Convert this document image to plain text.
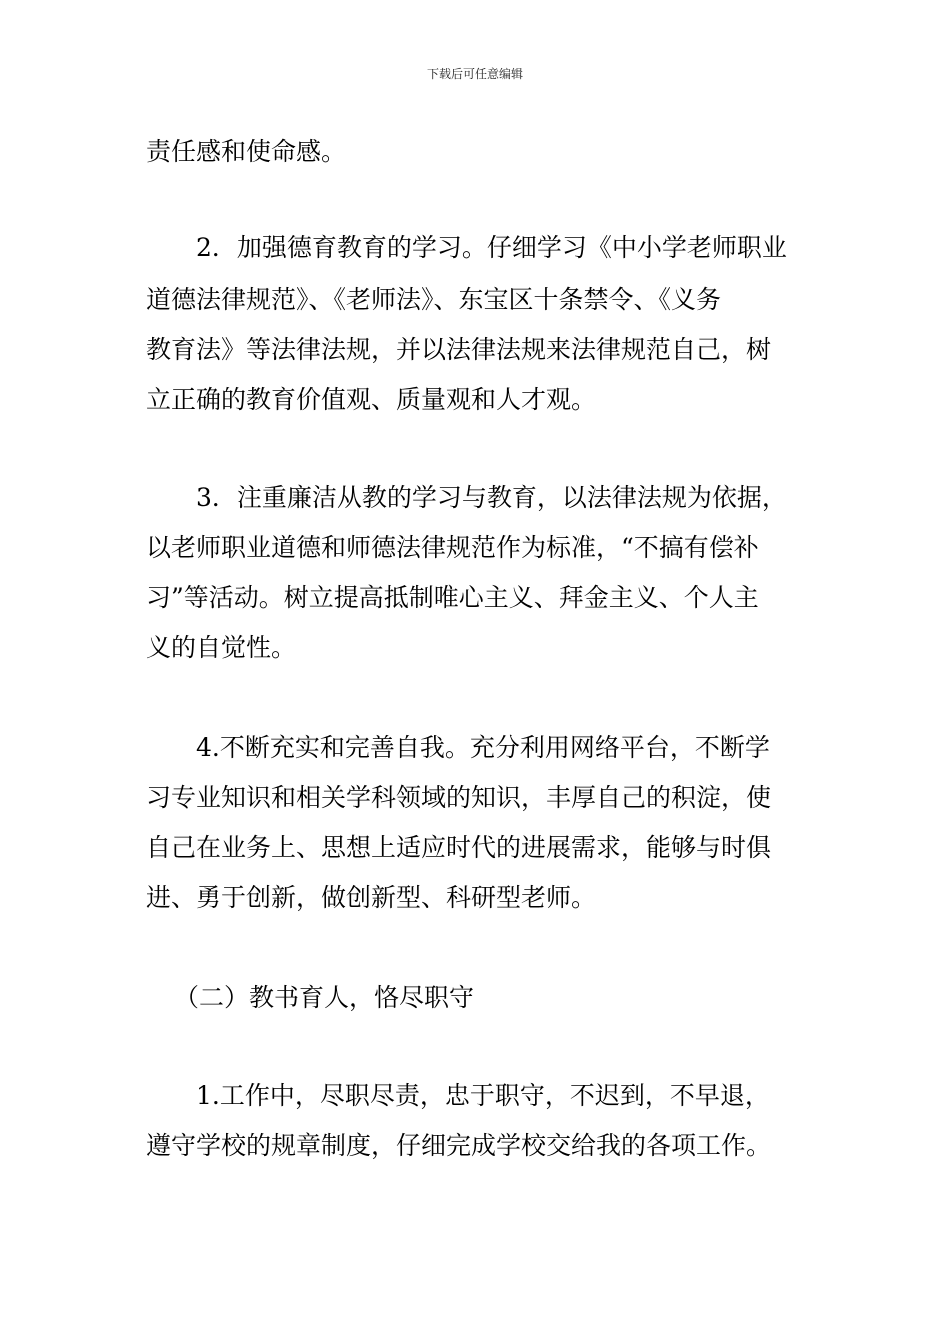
下载后可任意编辑
责任感和使命感。
2．加强德育教育的学习。仔细学习《中小学老师职业
道德法律规范》、《老师法》、东宝区十条禁令、《义务
教育法》等法律法规，并以法律法规来法律规范自己，树
立正确的教育价值观、质量观和人才观。
3．注重廉洁从教的学习与教育，以法律法规为依据，
以老师职业道德和师德法律规范作为标准，“不搞有偿补
习”等活动。树立提高抵制唯心主义、拜金主义、个人主
义的自觉性。
4.不断充实和完善自我。充分利用网络平台，不断学
习专业知识和相关学科领域的知识，丰厚自己的积淀，使
自己在业务上、思想上适应时代的进展需求，能够与时俱
进、勇于创新，做创新型、科研型老师。
（二）教书育人，恪尽职守
1.工作中，尽职尽责，忠于职守，不迟到，不早退，
遵守学校的规章制度，仔细完成学校交给我的各项工作。
